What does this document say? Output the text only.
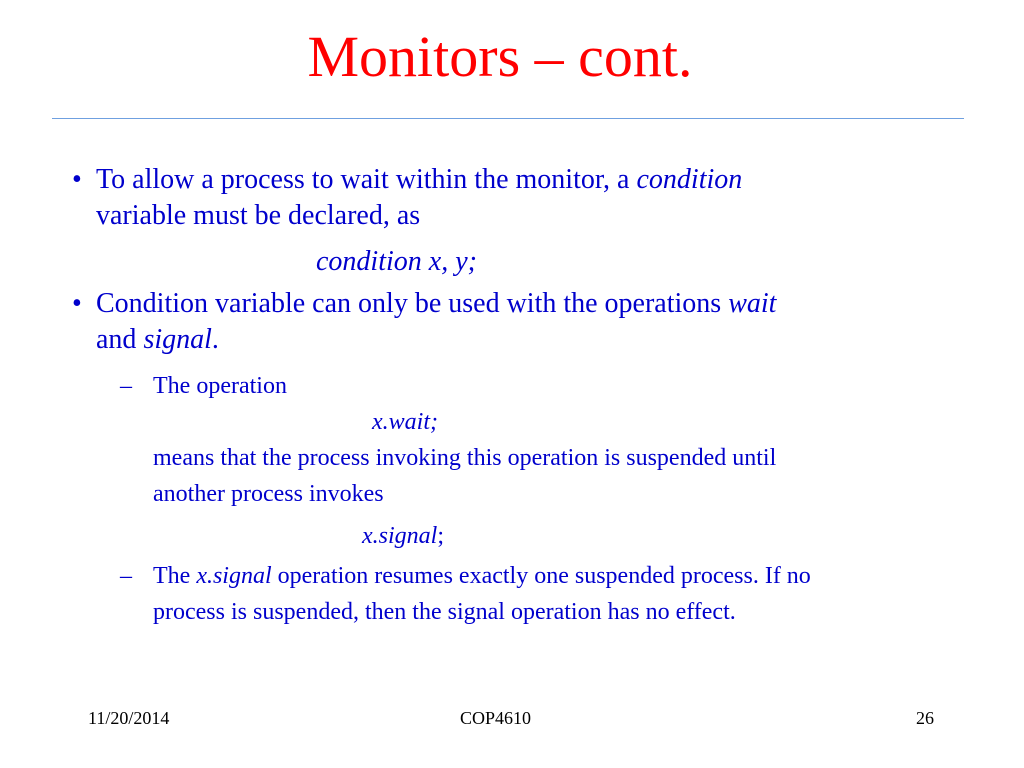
Monitors – cont.
• To allow a process to wait within the monitor, a condition
variable must be declared, as
condition x, y;
• Condition variable can only be used with the operations wait
and signal.
– The operation
x.wait;
means that the process invoking this operation is suspended until
another process invokes
x.signal;
– The x.signal operation resumes exactly one suspended process. If no
process is suspended, then the signal operation has no effect.
11/20/2014	COP4610	26
